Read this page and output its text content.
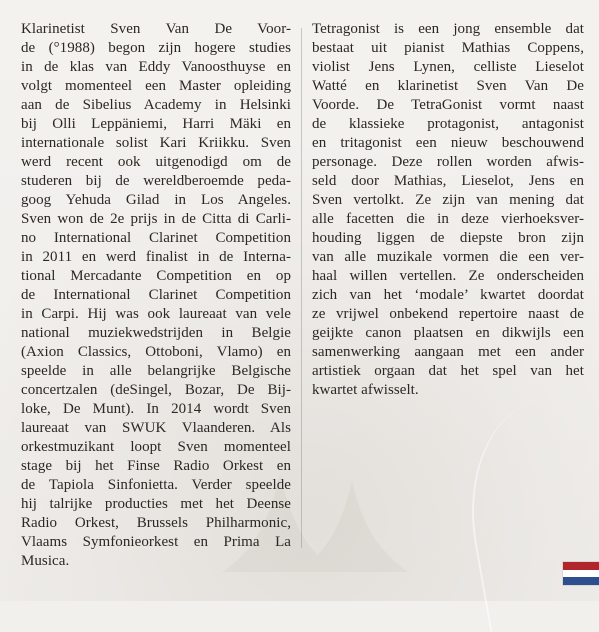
Klarinetist Sven Van De Voor-
de (°1988) begon zijn hogere studies
in de klas van Eddy Vanoosthuyse en
volgt momenteel een Master opleiding
aan de Sibelius Academy in Helsinki
bij Olli Leppäniemi, Harri Mäki en
internationale solist Kari Kriikku. Sven
werd recent ook uitgenodigd om de
studeren bij de wereldberoemde peda-
goog Yehuda Gilad in Los Angeles.
Sven won de 2e prijs in de Citta di Carli-
no International Clarinet Competition
in 2011 en werd finalist in de Interna-
tional Mercadante Competition en op
de International Clarinet Competition
in Carpi. Hij was ook laureaat van vele
national muziekwedstrijden in Belgie
(Axion Classics, Ottoboni, Vlamo) en
speelde in alle belangrijke Belgische
concertzalen (deSingel, Bozar, De Bij-
loke, De Munt). In 2014 wordt Sven
laureaat van SWUK Vlaanderen. Als
orkestmuzikant loopt Sven momenteel
stage bij het Finse Radio Orkest en
de Tapiola Sinfonietta. Verder speelde
hij talrijke producties met het Deense
Radio Orkest, Brussels Philharmonic,
Vlaams Symfonieorkest en Prima La
Musica.
Tetragonist is een jong ensemble dat
bestaat uit pianist Mathias Coppens,
violist Jens Lynen, celliste Lieselot
Watté en klarinetist Sven Van De
Voorde. De TetraGonist vormt naast
de klassieke protagonist, antagonist
en tritagonist een nieuw beschouwend
personage. Deze rollen worden afwis-
seld door Mathias, Lieselot, Jens en
Sven vertolkt. Ze zijn van mening dat
alle facetten die in deze vierhoeksver-
houding liggen de diepste bron zijn
van alle muzikale vormen die een ver-
haal willen vertellen. Ze onderscheiden
zich van het ‘modale’ kwartet doordat
ze vrijwel onbekend repertoire naast de
geijkte canon plaatsen en dikwijls een
samenwerking aangaan met een ander
artistiek orgaan dat het spel van het
kwartet afwisselt.
